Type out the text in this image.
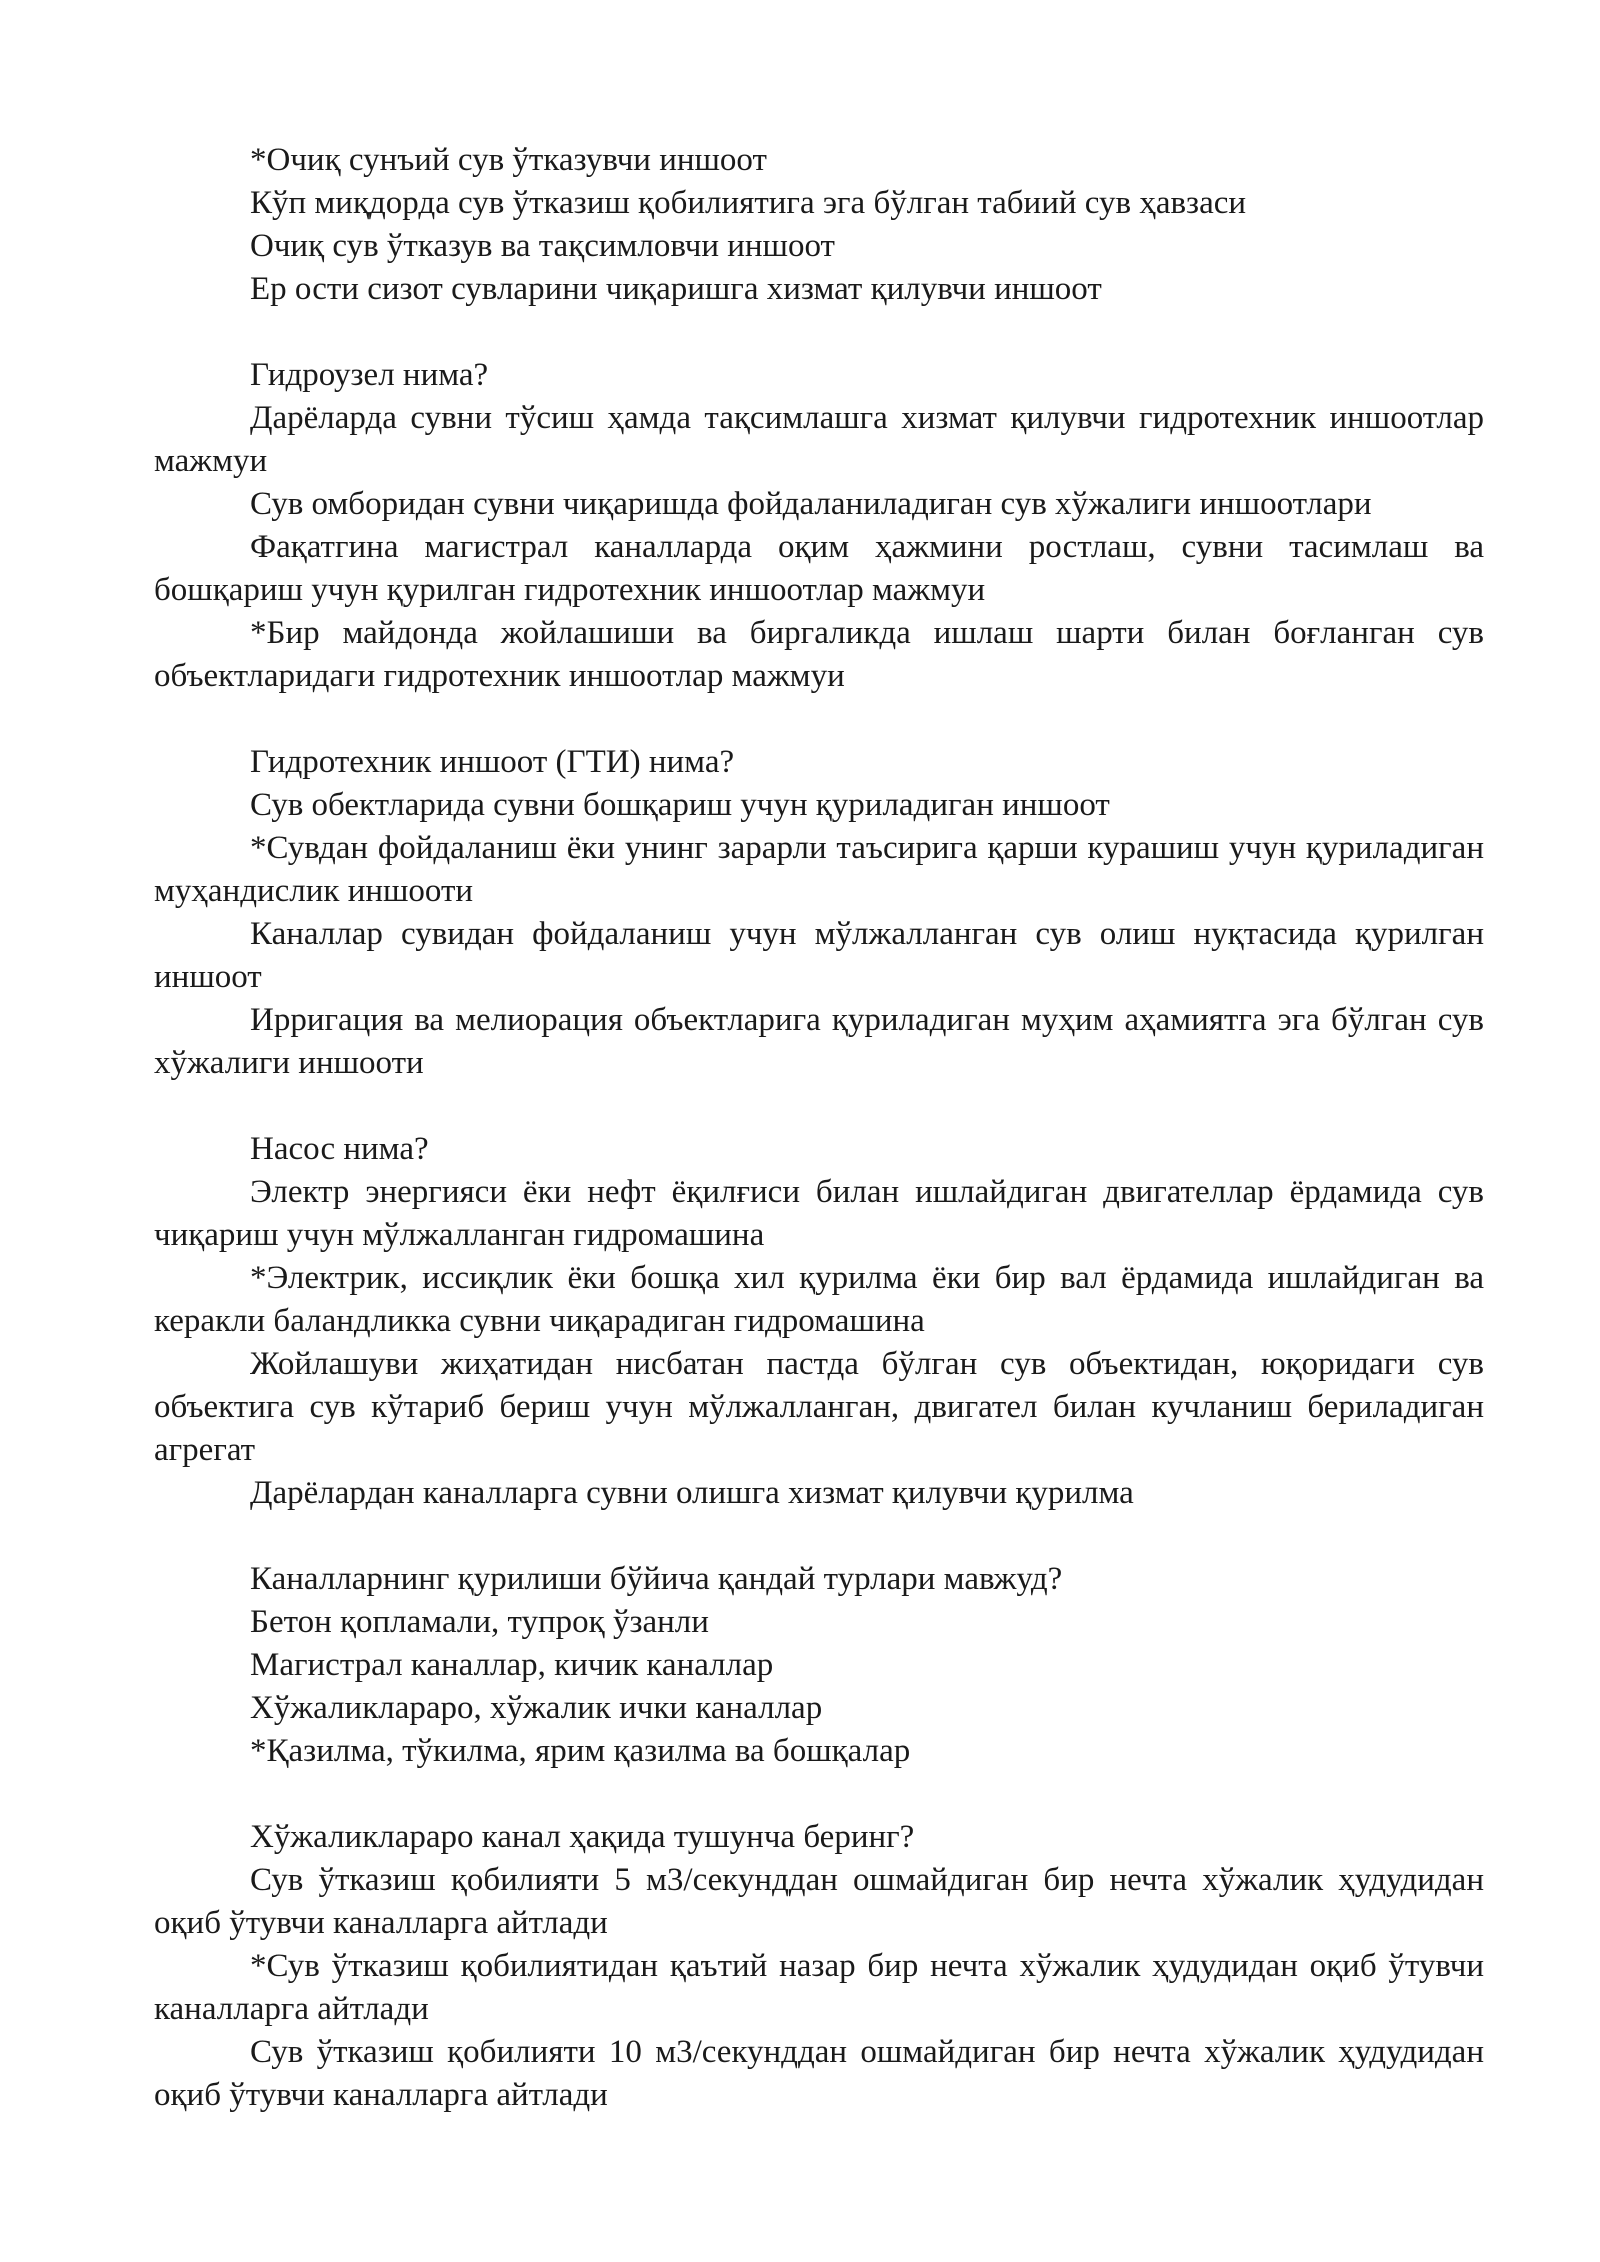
*Очиқ сунъий сув ўтказувчи иншоот

Кўп миқдорда сув ўтказиш қобилиятига эга бўлган табиий сув ҳавзаси

Очиқ сув ўтказув ва тақсимловчи иншоот

Ер ости сизот сувларини чиқаришга хизмат қилувчи иншоот

Гидроузел нима?

Дарёларда сувни тўсиш ҳамда тақсимлашга хизмат қилувчи гидротехник иншоотлар мажмуи

Сув омборидан сувни чиқаришда фойдаланиладиган сув хўжалиги иншоотлари

Фақатгина магистрал каналларда оқим ҳажмини ростлаш, сувни тасимлаш ва бошқариш учун қурилган гидротехник иншоотлар мажмуи

*Бир майдонда жойлашиши ва биргаликда ишлаш шарти билан боғланган сув объектларидаги гидротехник иншоотлар мажмуи

Гидротехник иншоот (ГТИ) нима?

Сув обектларида сувни бошқариш учун қуриладиган иншоот

*Сувдан фойдаланиш ёки унинг зарарли таъсирига қарши курашиш учун қуриладиган муҳандислик иншооти

Каналлар сувидан фойдаланиш учун мўлжалланган сув олиш нуқтасида қурилган иншоот

Ирригация ва мелиорация объектларига қуриладиган муҳим аҳамиятга эга бўлган сув хўжалиги иншооти

Насос нима?

Электр энергияси ёки нефт ёқилғиси билан ишлайдиган двигателлар ёрдамида сув чиқариш учун мўлжалланган гидромашина

*Электрик, иссиқлик ёки бошқа хил қурилма ёки бир вал ёрдамида ишлайдиган ва керакли баландликка сувни чиқарадиган гидромашина

Жойлашуви жиҳатидан нисбатан пастда бўлган сув объектидан, юқоридаги сув объектига сув кўтариб бериш учун мўлжалланган, двигател билан кучланиш бериладиган агрегат

Дарёлардан каналларга сувни олишга хизмат қилувчи қурилма

Каналларнинг қурилиши бўйича қандай турлари мавжуд?

Бетон қопламали, тупроқ ўзанли

Магистрал каналлар, кичик каналлар

Хўжаликлараро, хўжалик ички каналлар

*Қазилма, тўкилма, ярим қазилма ва бошқалар

Хўжаликлараро канал ҳақида тушунча беринг?

Сув ўтказиш қобилияти 5 м3/секунддан ошмайдиган бир нечта хўжалик ҳудудидан оқиб ўтувчи каналларга айтлади

*Сув ўтказиш қобилиятидан қаътий назар бир нечта хўжалик ҳудудидан оқиб ўтувчи каналларга айтлади

Сув ўтказиш қобилияти 10 м3/секунддан ошмайдиган бир нечта хўжалик ҳудудидан оқиб ўтувчи каналларга айтлади
